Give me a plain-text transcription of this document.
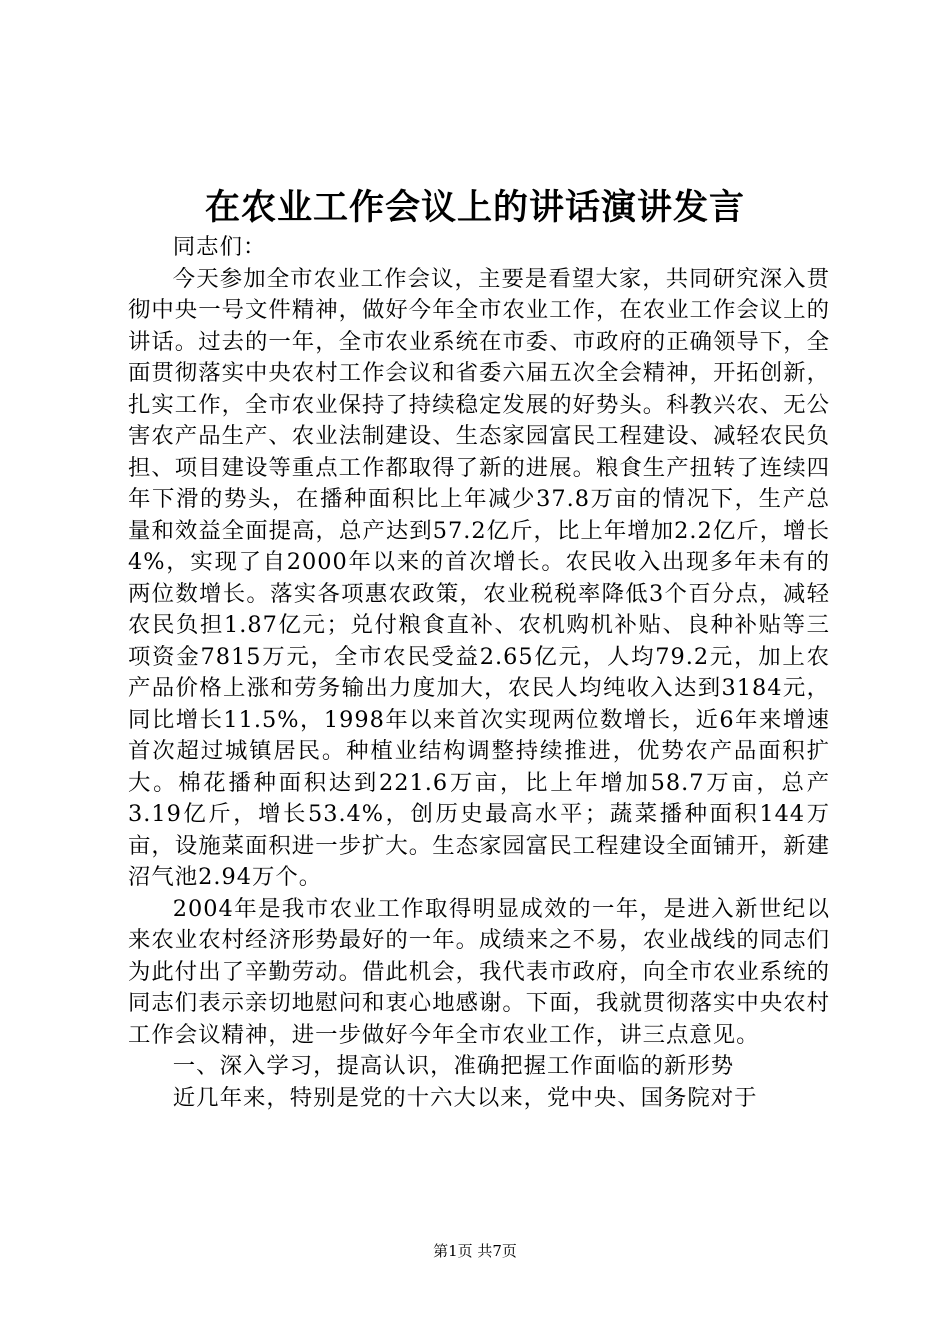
在农业工作会议上的讲话演讲发言

同志们：

今天参加全市农业工作会议，主要是看望大家，共同研究深入贯彻中央一号文件精神，做好今年全市农业工作，在农业工作会议上的讲话。过去的一年，全市农业系统在市委、市政府的正确领导下，全面贯彻落实中央农村工作会议和省委六届五次全会精神，开拓创新，扎实工作，全市农业保持了持续稳定发展的好势头。科教兴农、无公害农产品生产、农业法制建设、生态家园富民工程建设、减轻农民负担、项目建设等重点工作都取得了新的进展。粮食生产扭转了连续四年下滑的势头，在播种面积比上年减少37.8万亩的情况下，生产总量和效益全面提高，总产达到57.2亿斤，比上年增加2.2亿斤，增长4%，实现了自2000年以来的首次增长。农民收入出现多年未有的两位数增长。落实各项惠农政策，农业税税率降低3个百分点，减轻农民负担1.87亿元；兑付粮食直补、农机购机补贴、良种补贴等三项资金7815万元，全市农民受益2.65亿元，人均79.2元，加上农产品价格上涨和劳务输出力度加大，农民人均纯收入达到3184元，同比增长11.5%，1998年以来首次实现两位数增长，近6年来增速首次超过城镇居民。种植业结构调整持续推进，优势农产品面积扩大。棉花播种面积达到221.6万亩，比上年增加58.7万亩，总产3.19亿斤，增长53.4%，创历史最高水平；蔬菜播种面积144万亩，设施菜面积进一步扩大。生态家园富民工程建设全面铺开，新建沼气池2.94万个。

2004年是我市农业工作取得明显成效的一年，是进入新世纪以来农业农村经济形势最好的一年。成绩来之不易，农业战线的同志们为此付出了辛勤劳动。借此机会，我代表市政府，向全市农业系统的同志们表示亲切地慰问和衷心地感谢。下面，我就贯彻落实中央农村工作会议精神，进一步做好今年全市农业工作，讲三点意见。

一、深入学习，提高认识，准确把握工作面临的新形势

近几年来，特别是党的十六大以来，党中央、国务院对于

第1页 共7页
